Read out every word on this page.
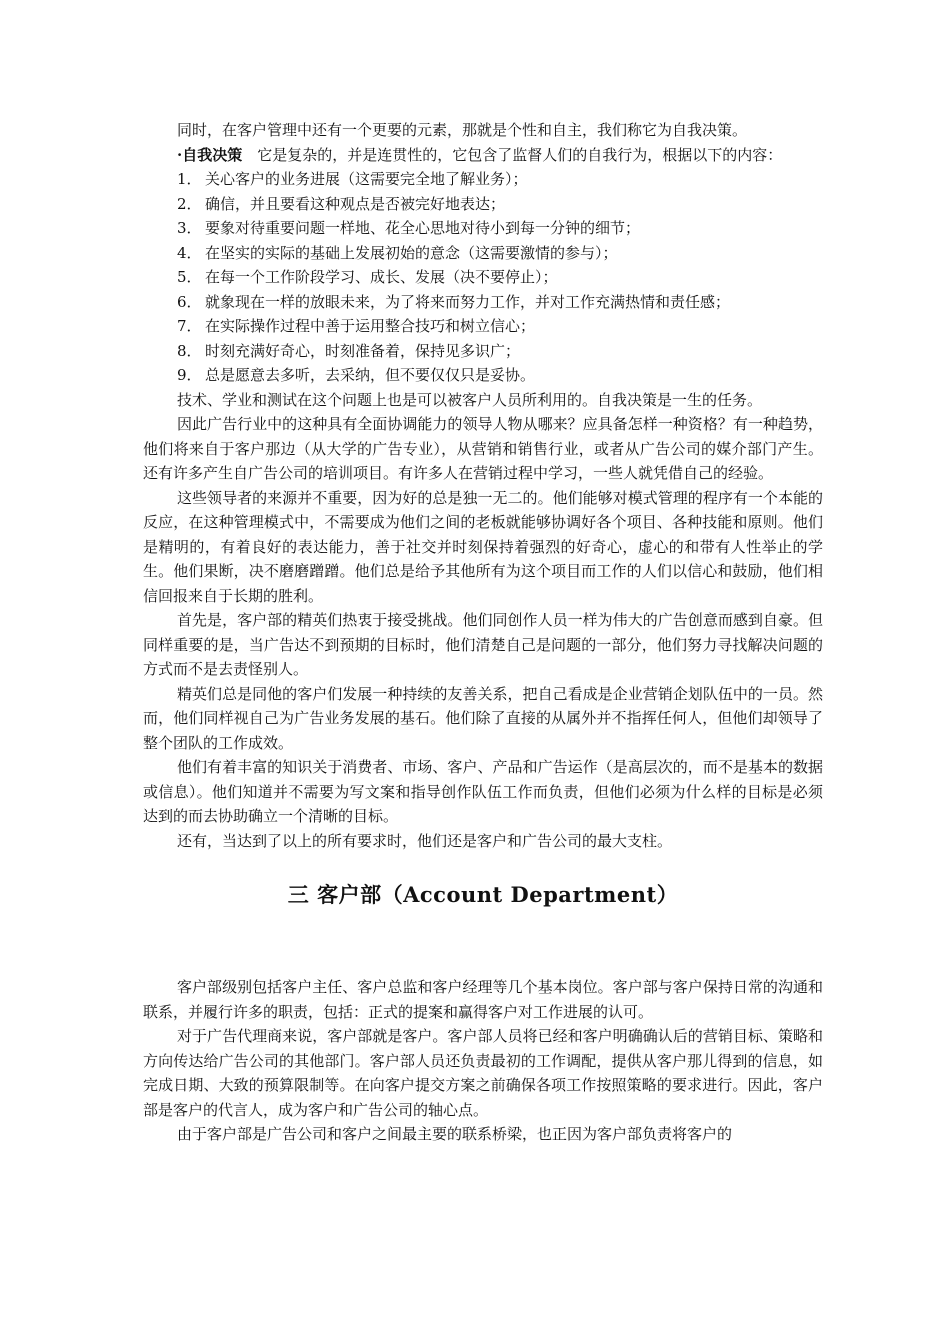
同时，在客户管理中还有一个更要的元素，那就是个性和自主，我们称它为自我决策。

·自我决策　它是复杂的，并是连贯性的，它包含了监督人们的自我行为，根据以下的内容：

1． 关心客户的业务进展（这需要完全地了解业务）；

2． 确信，并且要看这种观点是否被完好地表达；

3． 要象对待重要问题一样地、花全心思地对待小到每一分钟的细节；

4． 在坚实的实际的基础上发展初始的意念（这需要激情的参与）；

5． 在每一个工作阶段学习、成长、发展（决不要停止）；

6． 就象现在一样的放眼未来，为了将来而努力工作，并对工作充满热情和责任感；

7． 在实际操作过程中善于运用整合技巧和树立信心；

8． 时刻充满好奇心，时刻准备着，保持见多识广；

9． 总是愿意去多听，去采纳，但不要仅仅只是妥协。

技术、学业和测试在这个问题上也是可以被客户人员所利用的。自我决策是一生的任务。

因此广告行业中的这种具有全面协调能力的领导人物从哪来？应具备怎样一种资格？有一种趋势，他们将来自于客户那边（从大学的广告专业），从营销和销售行业，或者从广告公司的媒介部门产生。还有许多产生自广告公司的培训项目。有许多人在营销过程中学习，一些人就凭借自己的经验。

这些领导者的来源并不重要，因为好的总是独一无二的。他们能够对模式管理的程序有一个本能的反应，在这种管理模式中，不需要成为他们之间的老板就能够协调好各个项目、各种技能和原则。他们是精明的，有着良好的表达能力，善于社交并时刻保持着强烈的好奇心，虚心的和带有人性举止的学生。他们果断，决不磨磨蹭蹭。他们总是给予其他所有为这个项目而工作的人们以信心和鼓励，他们相信回报来自于长期的胜利。

首先是，客户部的精英们热衷于接受挑战。他们同创作人员一样为伟大的广告创意而感到自豪。但同样重要的是，当广告达不到预期的目标时，他们清楚自己是问题的一部分，他们努力寻找解决问题的方式而不是去责怪别人。

精英们总是同他的客户们发展一种持续的友善关系，把自己看成是企业营销企划队伍中的一员。然而，他们同样视自己为广告业务发展的基石。他们除了直接的从属外并不指挥任何人，但他们却领导了整个团队的工作成效。

他们有着丰富的知识关于消费者、市场、客户、产品和广告运作（是高层次的，而不是基本的数据或信息）。他们知道并不需要为写文案和指导创作队伍工作而负责，但他们必须为什么样的目标是必须达到的而去协助确立一个清晰的目标。

还有，当达到了以上的所有要求时，他们还是客户和广告公司的最大支柱。

三 客户部（Account Department）

客户部级别包括客户主任、客户总监和客户经理等几个基本岗位。客户部与客户保持日常的沟通和联系，并履行许多的职责，包括：正式的提案和赢得客户对工作进展的认可。

对于广告代理商来说，客户部就是客户。客户部人员将已经和客户明确确认后的营销目标、策略和方向传达给广告公司的其他部门。客户部人员还负责最初的工作调配，提供从客户那儿得到的信息，如完成日期、大致的预算限制等。在向客户提交方案之前确保各项工作按照策略的要求进行。因此，客户部是客户的代言人，成为客户和广告公司的轴心点。

由于客户部是广告公司和客户之间最主要的联系桥梁，也正因为客户部负责将客户的
